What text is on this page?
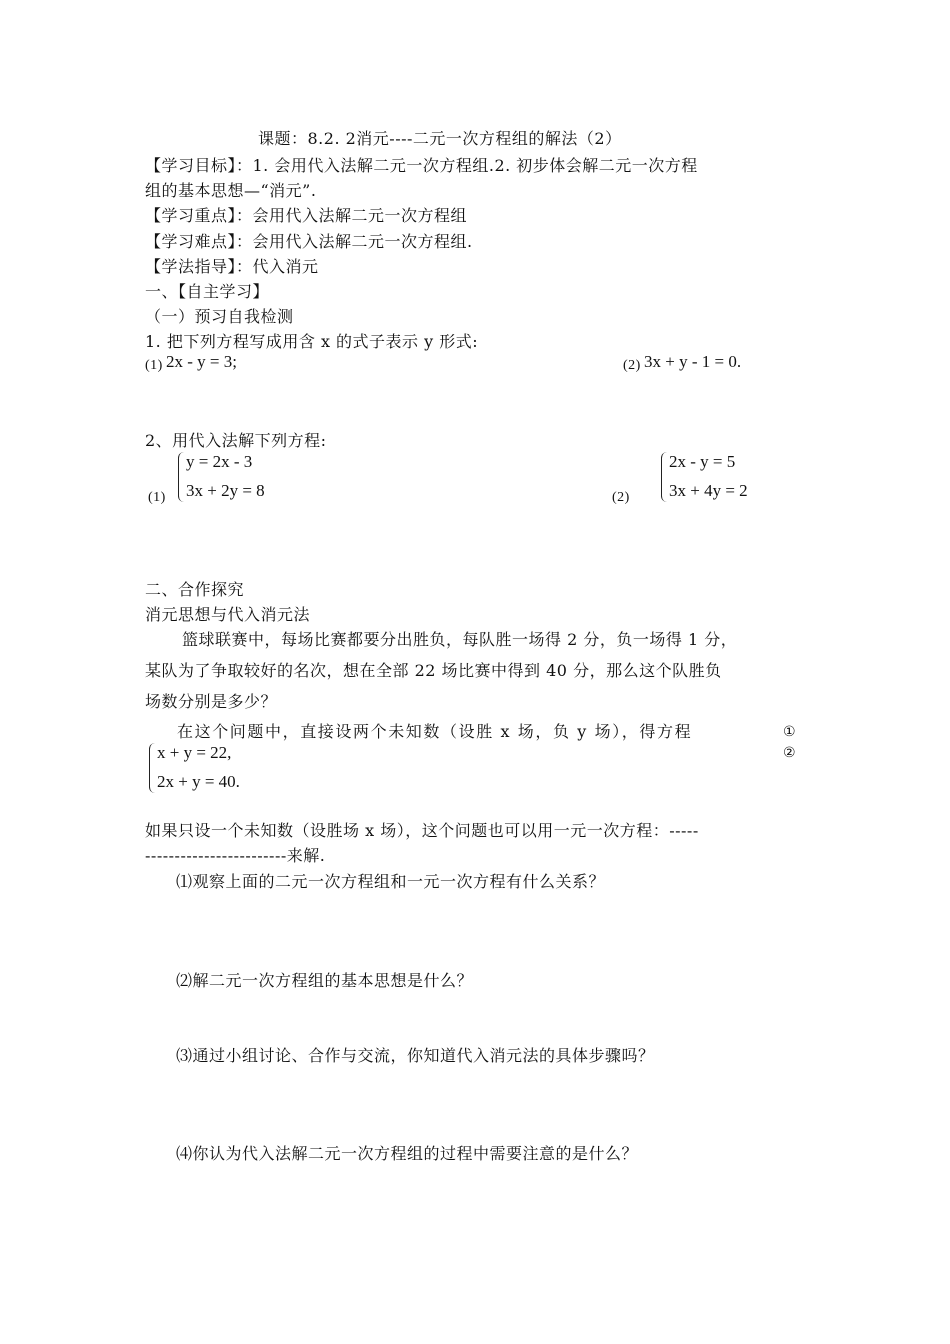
课题：8.2. 2消元----二元一次方程组的解法（2）
【学习目标】：1. 会用代入法解二元一次方程组.2. 初步体会解二元一次方程
组的基本思想—“消元”.
【学习重点】：会用代入法解二元一次方程组
【学习难点】：会用代入法解二元一次方程组.
【学法指导】：代入消元
一、【自主学习】
（一）预习自我检测
1. 把下列方程写成用含 x 的式子表示 y 形式:
(1) 2x - y = 3;	(2) 3x + y - 1 = 0.
2、用代入法解下列方程:
(1)
y = 2x - 3
3x + 2y = 8	(2)
2x - y = 5
3x + 4y = 2
二、合作探究
消元思想与代入消元法
篮球联赛中，每场比赛都要分出胜负，每队胜一场得 2 分，负一场得 1 分，
某队为了争取较好的名次，想在全部 22 场比赛中得到 40 分，那么这个队胜负
场数分别是多少？
在这个问题中，直接设两个未知数（设胜 x 场，负 y 场），得方程	①
②
x + y = 22,
2x + y = 40.
如果只设一个未知数（设胜场 x 场），这个问题也可以用一元一次方程：-----
------------------------来解.
⑴观察上面的二元一次方程组和一元一次方程有什么关系？
⑵解二元一次方程组的基本思想是什么？
⑶通过小组讨论、合作与交流，你知道代入消元法的具体步骤吗？
⑷你认为代入法解二元一次方程组的过程中需要注意的是什么？
